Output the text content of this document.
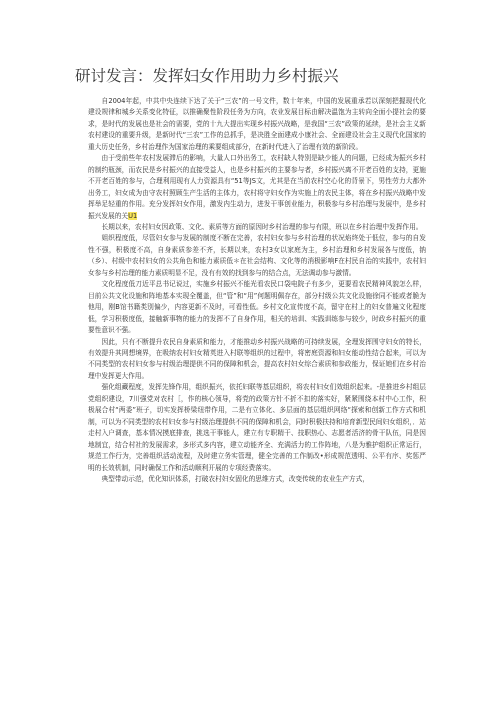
研讨发言：发挥妇女作用助力乡村振兴

自2004年起，中共中央连续下达了关于“三农”的一号文件，数十年来，中国的发展重承若以深刻把握现代化建设规律和城乡关系变化特征，以推确聚性阶段任务为方向，农业发展目标由解决温饱为主转向全面小提社会的要求，是时代的发展也是社会的需要，党的十九大提出实现乡村振兴战略，是我国“三农”政策的延续，是社会主义新农村建设的重要升级，是新时代“三农”工作的总抓手，是决胜全面建成小康社会、全面建设社会主义现代化国家的重大历史任务，乡村治理作为国家治理的乘要组成部分，在新时代进入了治理有效的新阶段。

由于受前些年农村发展滞后的影响，大量人口外出务工，农村缺人特别是缺少能人的问题，已经成为振兴乡村的制约瓶颈，而农民是乡村振兴的直接受益人，也是乡村振兴的主要参与者，乡村振兴离不开老百姓的支持，更施不开老百姓的参与，合理利用现有人力资源具有“51等JS文，尤其是在当前农村空心化的背景下，男性劳力大都外出务工，妇女成为由守农村照顾生产生活的主体力，农村将守妇女作为实施上的农民主体，将在乡村振兴战略中发挥举足轻重的作用。充分发挥妇女作用，激发内生动力，进发干事创业能力，积极参与乡村治理与发展中，是乡村振兴发展的关U1

长期以来，农村妇女因政策、文化、素质等方面的原因时乡村治理的参与有限，班以在乡村治理中发挥作用。

姐织程度低，尽管妇女参与发展的制度不断在完善，农村妇女参与乡村治理的状况焰终处于低位，参与的自发性不强，积极度不高，自身素质参差不齐，长期以来，农村3女以家庭为主，乡村治理和乡村发展各与度低，钠（乡）、村级中农村妇女的公共角色和能力素质低＊在社会结构、文化等的消极影响F在村民自治的实践中，农村妇女参与乡村治理的能力素质明显不足，没有有效的找到参与的结合点，无法调动参与激情。

文化程度低刀近平总书记说过，实施乡村振兴不能光看农民口袋电院子有多少，更要看农民精神风貌怎么样，目前公共文化设施和阵地基本实现全覆盖，但“管”和“用”何题明佩存在，部分村级公共文化设施徐同不能或者脆为他用，刚B馆书籍类别偏少，内容更新不及时，可看性低。乡村文化宣传度不高，留守在村上的妇女普遍文化程度低，学习积极度低，接触新事物的能力的发挥不了自身作用，相关的培训、实践训练参与较少，时政乡村振兴的重要性意识不强。

因此，只有不断提升农民自身素质和能力，才能推动乡村振兴战略的可持续发展，全理发挥围守妇女的特长，有效提升其网想境界，在吸纳农村妇女精英进入村联等组织的过程中，将密庭资源和妇女能动性结合起来，可以为不同类型的农村妇女参与村级治理提供不同的保障和机会，提高农村妇女综合素质和参政能力，保证她们在乡村治理中发挥更大作用。

强化组藏程度，发挥先锋作用，组织振兴，依托妇联等基层组织，将农村妇女们效组织起来。-是推进乡村组层党组织建设，7川强党对农村［，作的核心领导，将党的政策方针不折不扣的落实好，紧紧围绕本村中心工作，积极展合村“两委”班子，切实发挥桥梁纽带作用，二是有立体化、多层面的基层组织网络“探索和创新工作方式和机制，可以为不同类型的农村妇女参与村级治理提供不同的保障和机会，同时积极扶持和培育新型民间妇女组织，．站走村入户调查，基本情况摸底排查，挑选干事能人，建立有专职精干、技职热心、志愿者活济的骨干队伍，同是因地制宜，结合村社的发展需求，多形式多内容，建立动能齐全、充满活力的工作阵地，八是为雅护组织正常运行，规范工作行为，完善组织活动流程，及时建立务实管理，健全完善的工作制改•形成规范透明、公平有序、奖惩严明的长效机制，同时确保工作和活动顺利开展的专项经费落实。

典型带动示范，优化知识体系，打破农村妇女固化的思维方式，改变传统的农业生产方式，
